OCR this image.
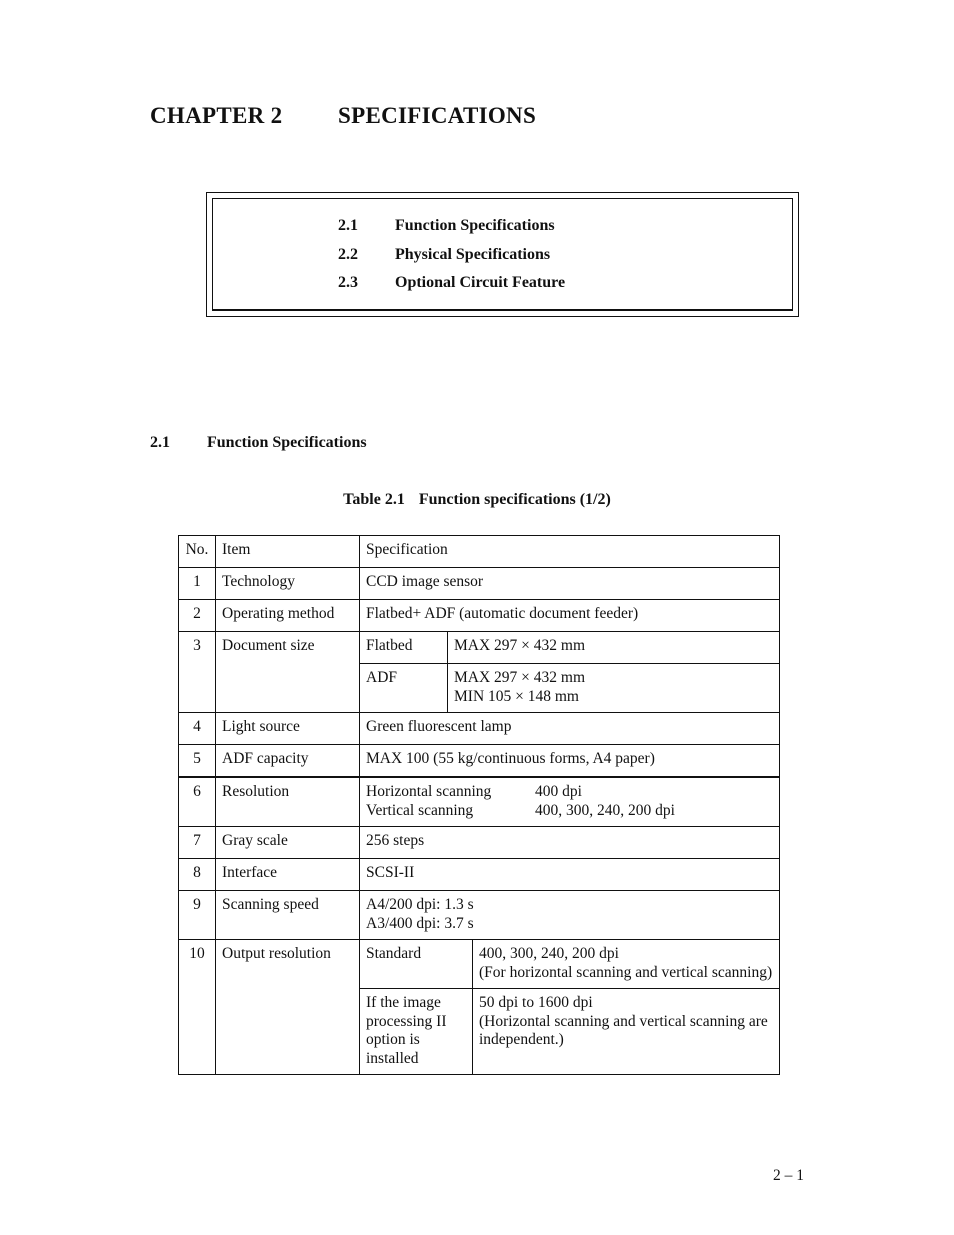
CHAPTER 2 SPECIFICATIONS
2.1 Function Specifications
2.2 Physical Specifications
2.3 Optional Circuit Feature
2.1 Function Specifications
Table 2.1 Function specifications (1/2)
No.	Item	Specification		
1	Technology	CCD image sensor		
2	Operating method	Flatbed+ ADF (automatic document feeder)		
3	Document size	Flatbed	MAX 297 × 432 mm	
		ADF	MAX 297 × 432 mm
MIN 105 × 148 mm	

4	Light source	Green fluorescent lamp		
5	ADF capacity	MAX 100 (55 kg/continuous forms, A4 paper)		
6	Resolution	Horizontal scanning 400 dpi
Vertical scanning 400, 300, 240, 200 dpi		

7	Gray scale	256 steps		
8	Interface	SCSI-II		
9	Scanning speed	A4/200 dpi: 1.3 s
A3/400 dpi: 3.7 s		

10	Output resolution	Standard		400, 300, 240, 200 dpi
(For horizontal scanning and vertical scanning)

		If the image processing II option is installed		50 dpi to 1600 dpi
(Horizontal scanning and vertical scanning are independent.)
2 – 1
